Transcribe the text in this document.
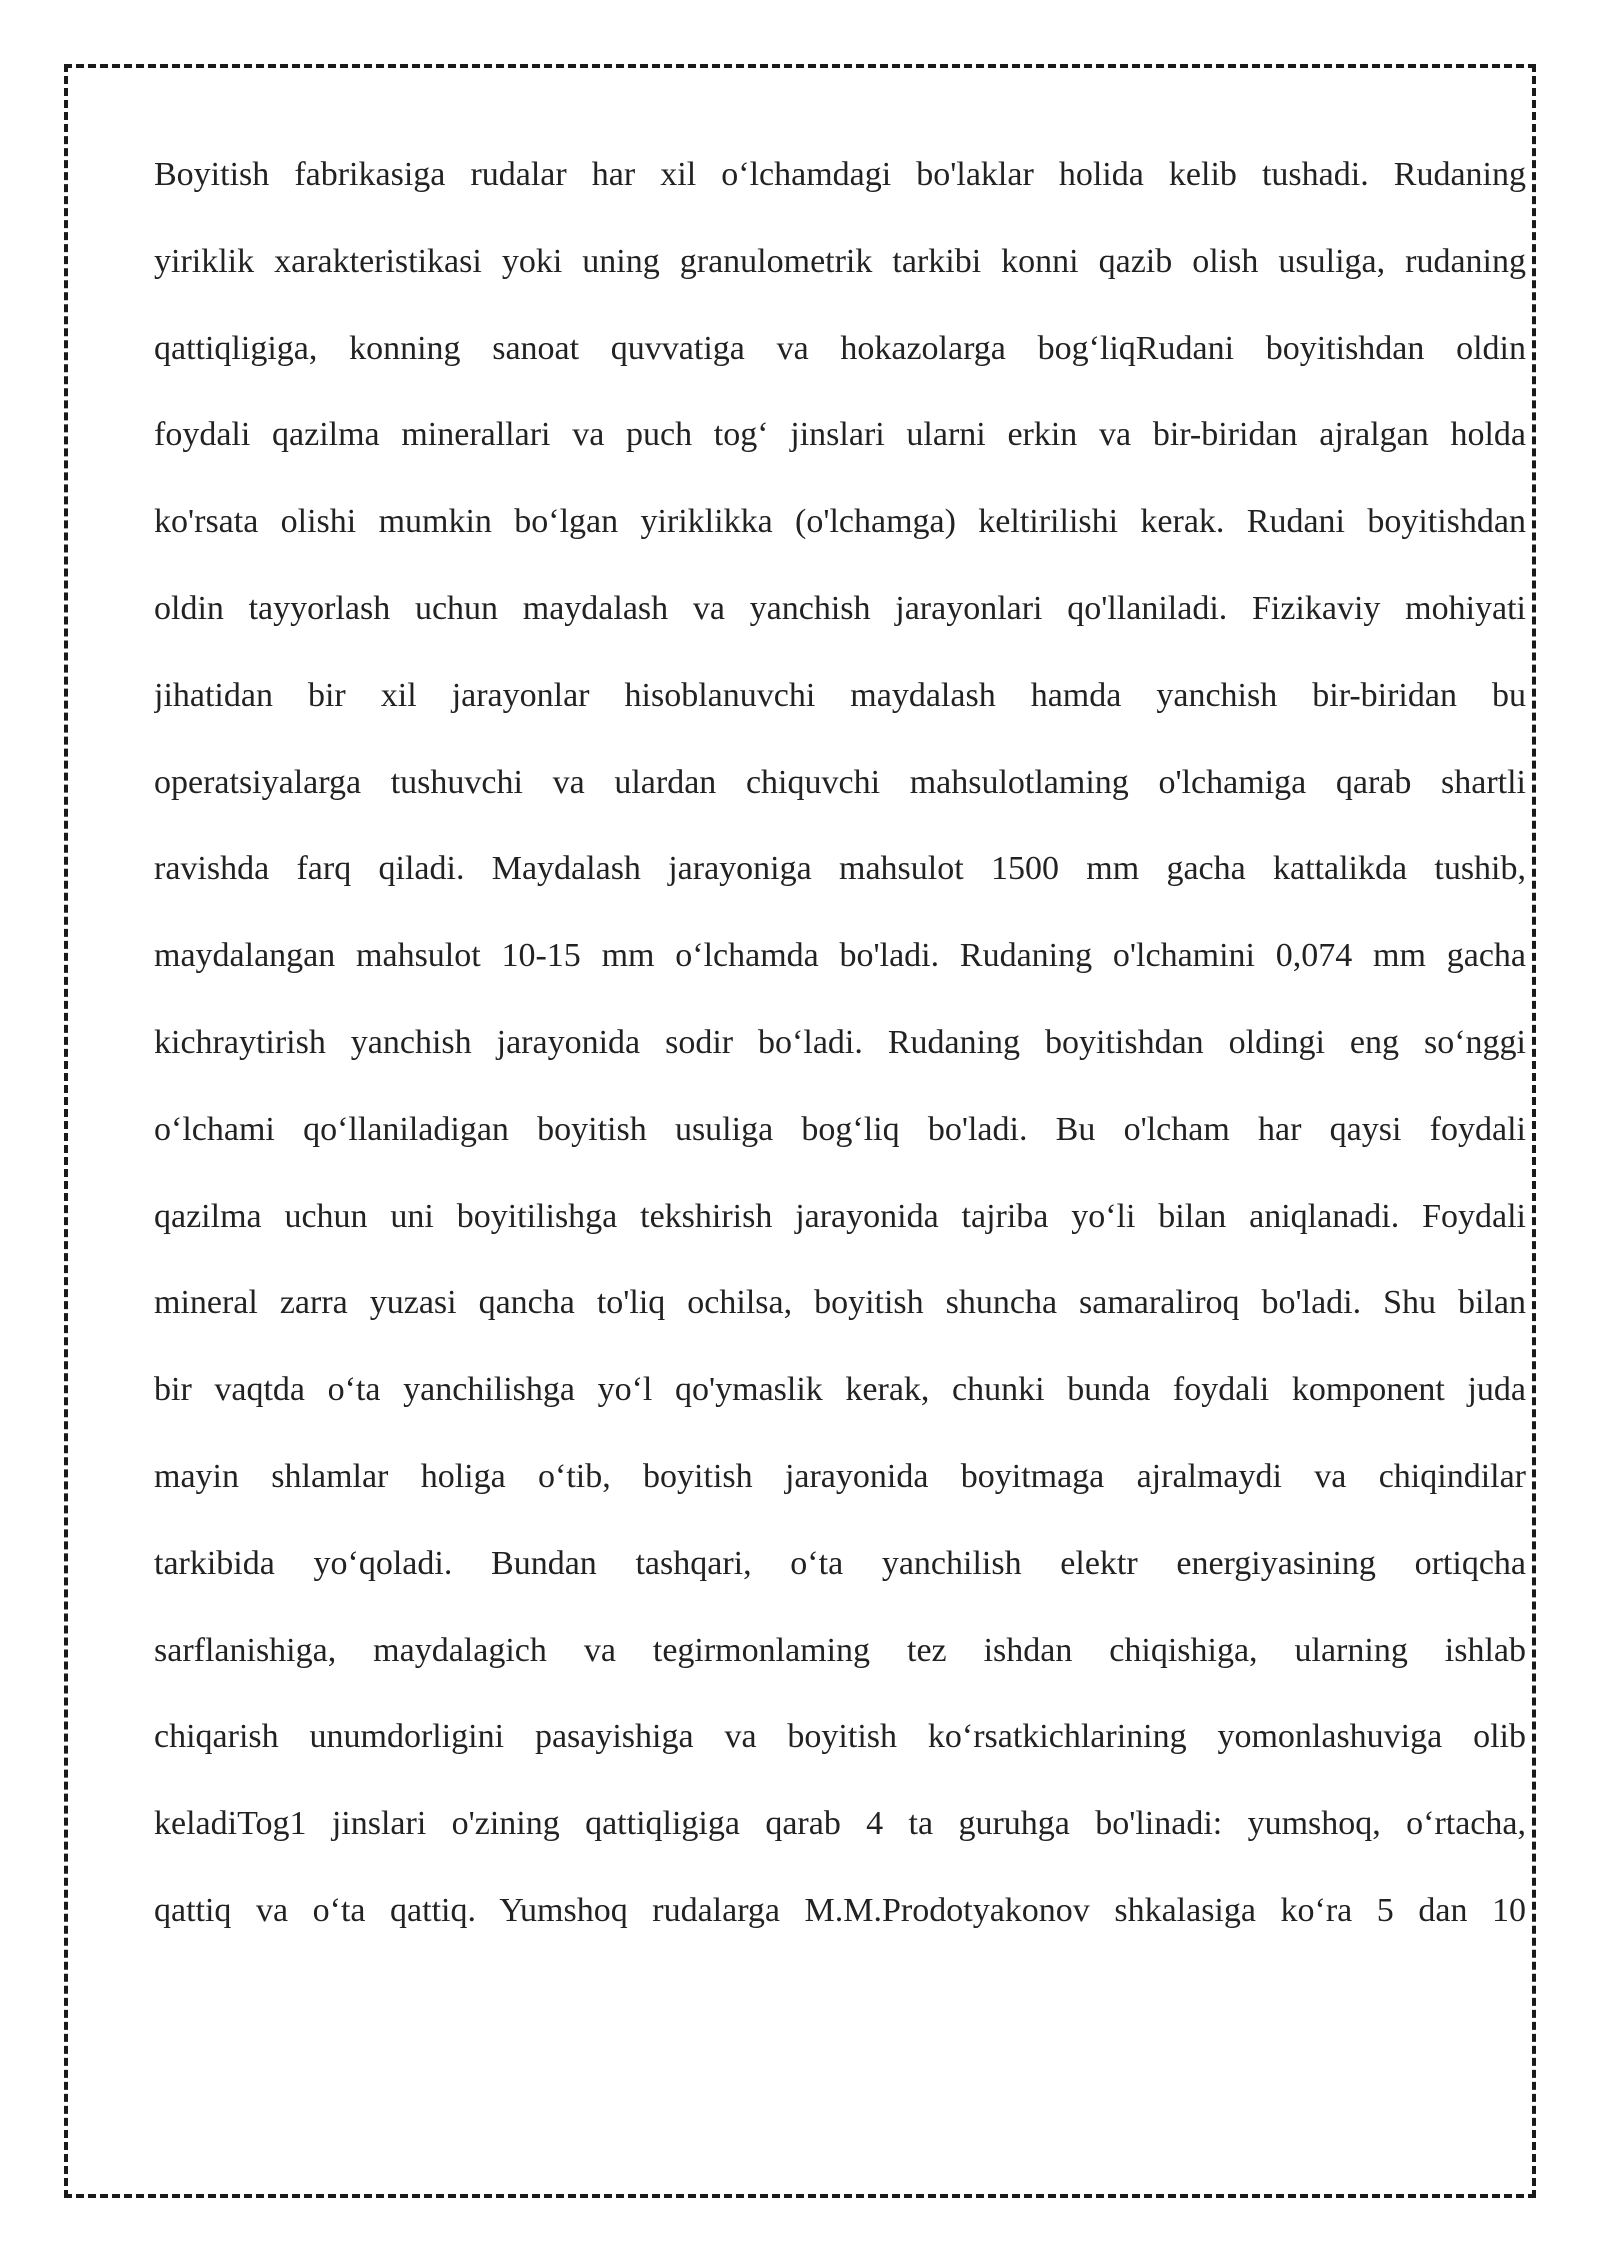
Boyitish fabrikasiga rudalar har xil o‘lchamdagi bo'laklar holida kelib tushadi. Rudaning
yiriklik xarakteristikasi yoki uning granulometrik tarkibi konni qazib olish usuliga, rudaning
qattiqligiga, konning sanoat quvvatiga va hokazolarga bog‘liqRudani boyitishdan oldin
foydali qazilma minerallari va puch tog‘ jinslari ularni erkin va bir-biridan ajralgan holda
ko'rsata olishi mumkin bo‘lgan yiriklikka (o'lchamga) keltirilishi kerak. Rudani boyitishdan
oldin tayyorlash uchun maydalash va yanchish jarayonlari qo'llaniladi. Fizikaviy mohiyati
jihatidan bir xil jarayonlar hisoblanuvchi maydalash hamda yanchish bir-biridan bu
operatsiyalarga tushuvchi va ulardan chiquvchi mahsulotlaming o'lchamiga qarab shartli
ravishda farq qiladi. Maydalash jarayoniga mahsulot 1500 mm gacha kattalikda tushib,
maydalangan mahsulot 10-15 mm o‘lchamda bo'ladi. Rudaning o'lchamini 0,074 mm gacha
kichraytirish yanchish jarayonida sodir bo‘ladi. Rudaning boyitishdan oldingi eng so‘nggi
o‘lchami qo‘llaniladigan boyitish usuliga bog‘liq bo'ladi. Bu o'lcham har qaysi foydali
qazilma uchun uni boyitilishga tekshirish jarayonida tajriba yo‘li bilan aniqlanadi. Foydali
mineral zarra yuzasi qancha to'liq ochilsa, boyitish shuncha samaraliroq bo'ladi. Shu bilan
bir vaqtda o‘ta yanchilishga yo‘l qo'ymaslik kerak, chunki bunda foydali komponent juda
mayin shlamlar holiga o‘tib, boyitish jarayonida boyitmaga ajralmaydi va chiqindilar
tarkibida yo‘qoladi. Bundan tashqari, o‘ta yanchilish elektr energiyasining ortiqcha
sarflanishiga, maydalagich va tegirmonlaming tez ishdan chiqishiga, ularning ishlab
chiqarish unumdorligini pasayishiga va boyitish ko‘rsatkichlarining yomonlashuviga olib
keladiTog1 jinslari o'zining qattiqligiga qarab 4 ta guruhga bo'linadi: yumshoq, o‘rtacha,
qattiq va o‘ta qattiq. Yumshoq rudalarga M.M.Prodotyakonov shkalasiga ko‘ra 5 dan 10
